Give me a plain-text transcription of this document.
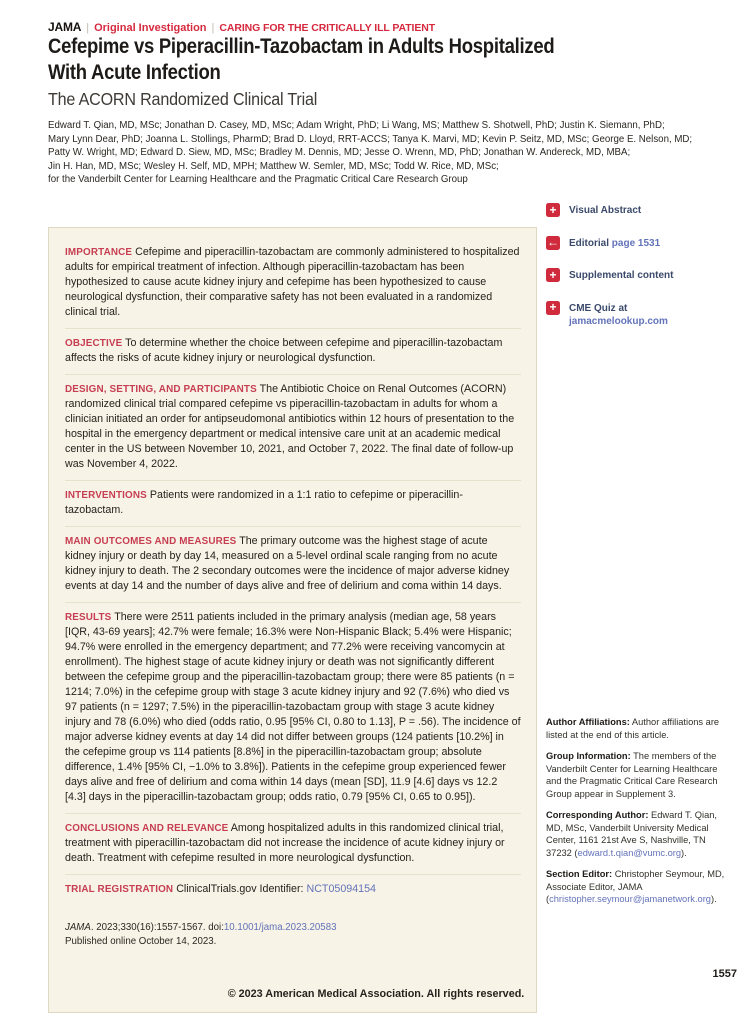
JAMA | Original Investigation | CARING FOR THE CRITICALLY ILL PATIENT
Cefepime vs Piperacillin-Tazobactam in Adults Hospitalized
With Acute Infection
The ACORN Randomized Clinical Trial
Edward T. Qian, MD, MSc; Jonathan D. Casey, MD, MSc; Adam Wright, PhD; Li Wang, MS; Matthew S. Shotwell, PhD; Justin K. Siemann, PhD;
Mary Lynn Dear, PhD; Joanna L. Stollings, PharmD; Brad D. Lloyd, RRT-ACCS; Tanya K. Marvi, MD; Kevin P. Seitz, MD, MSc; George E. Nelson, MD;
Patty W. Wright, MD; Edward D. Siew, MD, MSc; Bradley M. Dennis, MD; Jesse O. Wrenn, MD, PhD; Jonathan W. Andereck, MD, MBA;
Jin H. Han, MD, MSc; Wesley H. Self, MD, MPH; Matthew W. Semler, MD, MSc; Todd W. Rice, MD, MSc;
for the Vanderbilt Center for Learning Healthcare and the Pragmatic Critical Care Research Group
IMPORTANCE Cefepime and piperacillin-tazobactam are commonly administered to hospitalized adults for empirical treatment of infection. Although piperacillin-tazobactam has been hypothesized to cause acute kidney injury and cefepime has been hypothesized to cause neurological dysfunction, their comparative safety has not been evaluated in a randomized clinical trial.
OBJECTIVE To determine whether the choice between cefepime and piperacillin-tazobactam affects the risks of acute kidney injury or neurological dysfunction.
DESIGN, SETTING, AND PARTICIPANTS The Antibiotic Choice on Renal Outcomes (ACORN) randomized clinical trial compared cefepime vs piperacillin-tazobactam in adults for whom a clinician initiated an order for antipseudomonal antibiotics within 12 hours of presentation to the hospital in the emergency department or medical intensive care unit at an academic medical center in the US between November 10, 2021, and October 7, 2022. The final date of follow-up was November 4, 2022.
INTERVENTIONS Patients were randomized in a 1:1 ratio to cefepime or piperacillin-tazobactam.
MAIN OUTCOMES AND MEASURES The primary outcome was the highest stage of acute kidney injury or death by day 14, measured on a 5-level ordinal scale ranging from no acute kidney injury to death. The 2 secondary outcomes were the incidence of major adverse kidney events at day 14 and the number of days alive and free of delirium and coma within 14 days.
RESULTS There were 2511 patients included in the primary analysis (median age, 58 years [IQR, 43-69 years]; 42.7% were female; 16.3% were Non-Hispanic Black; 5.4% were Hispanic; 94.7% were enrolled in the emergency department; and 77.2% were receiving vancomycin at enrollment). The highest stage of acute kidney injury or death was not significantly different between the cefepime group and the piperacillin-tazobactam group; there were 85 patients (n = 1214; 7.0%) in the cefepime group with stage 3 acute kidney injury and 92 (7.6%) who died vs 97 patients (n = 1297; 7.5%) in the piperacillin-tazobactam group with stage 3 acute kidney injury and 78 (6.0%) who died (odds ratio, 0.95 [95% CI, 0.80 to 1.13], P = .56). The incidence of major adverse kidney events at day 14 did not differ between groups (124 patients [10.2%] in the cefepime group vs 114 patients [8.8%] in the piperacillin-tazobactam group; absolute difference, 1.4% [95% CI, −1.0% to 3.8%]). Patients in the cefepime group experienced fewer days alive and free of delirium and coma within 14 days (mean [SD], 11.9 [4.6] days vs 12.2 [4.3] days in the piperacillin-tazobactam group; odds ratio, 0.79 [95% CI, 0.65 to 0.95]).
CONCLUSIONS AND RELEVANCE Among hospitalized adults in this randomized clinical trial, treatment with piperacillin-tazobactam did not increase the incidence of acute kidney injury or death. Treatment with cefepime resulted in more neurological dysfunction.
TRIAL REGISTRATION ClinicalTrials.gov Identifier: NCT05094154
JAMA. 2023;330(16):1557-1567. doi:10.1001/jama.2023.20583
Published online October 14, 2023.
+	Visual Abstract
← Editorial page 1531
+	Supplemental content
+	CME Quiz at
jamacmelookup.com
Author Affiliations: Author affiliations are listed at the end of this article.
Group Information: The members of the Vanderbilt Center for Learning Healthcare and the Pragmatic Critical Care Research Group appear in Supplement 3.
Corresponding Author: Edward T. Qian, MD, MSc, Vanderbilt University Medical Center, 1161 21st Ave S, Nashville, TN 37232 (edward.t.qian@vumc.org).
Section Editor: Christopher Seymour, MD, Associate Editor, JAMA (christopher.seymour@jamanetwork.org).
1557
© 2023 American Medical Association. All rights reserved.
